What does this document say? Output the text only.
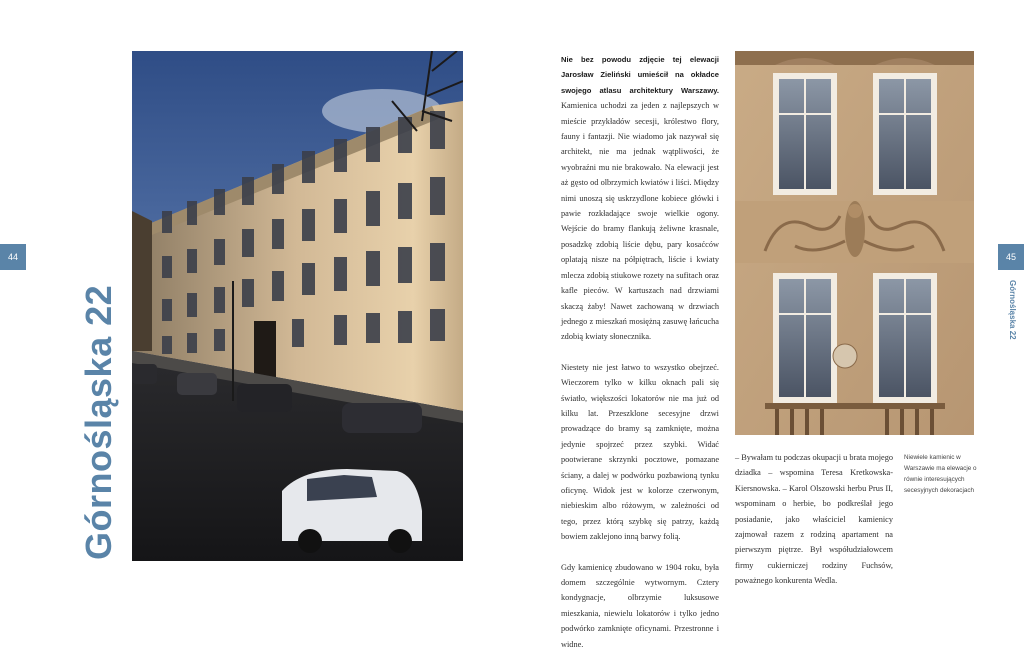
44	45
Górnośląska 22	Górnośląska 22

Nie bez powodu zdjęcie tej elewacji Jarosław Zieliński umieścił na okładce swojego atlasu architektury Warszawy. Kamienica uchodzi za jeden z najlepszych w mieście przykładów secesji, królestwo flory, fauny i fantazji. Nie wiadomo jak nazywał się architekt, nie ma jednak wątpliwości, że wyobraźni mu nie brakowało. Na elewacji jest aż gęsto od olbrzymich kwiatów i liści. Między nimi unoszą się uskrzydlone kobiece główki i pawie rozkładające swoje wielkie ogony. Wejście do bramy flankują żeliwne krasnale, posadzkę zdobią liście dębu, pary kosaćców oplatają nisze na półpiętrach, liście i kwiaty mlecza zdobią stiukowe rozety na sufitach oraz kafle pieców. W kartuszach nad drzwiami skaczą żaby! Nawet zachowaną w drzwiach jednego z mieszkań mosiężną zasuwę łańcucha zdobią kwiaty słonecznika.

Niestety nie jest łatwo to wszystko obejrzeć. Wieczorem tylko w kilku oknach pali się światło, większości lokatorów nie ma już od kilku lat. Przeszklone secesyjne drzwi prowadzące do bramy są zamknięte, można jedynie spojrzeć przez szybki. Widać pootwierane skrzynki pocztowe, pomazane ściany, a dalej w podwórku pozbawioną tynku oficynę. Widok jest w kolorze czerwonym, niebieskim albo różowym, w zależności od tego, przez którą szybkę się patrzy, każdą bowiem zaklejono inną barwy folią.

Gdy kamienicę zbudowano w 1904 roku, była domem szczególnie wytwornym. Cztery kondygnacje, olbrzymie luksusowe mieszkania, niewielu lokatorów i tylko jedno podwórko zamknięte oficynami. Przestronne i widne.

– Bywałam tu podczas okupacji u brata mojego dziadka – wspomina Teresa Kretkowska-Kiersnowska. – Karol Olszowski herbu Prus II, wspominam o herbie, bo podkreślał jego posiadanie, jako właściciel kamienicy zajmował razem z rodziną apartament na pierwszym piętrze. Był współudziałowcem firmy cukierniczej rodziny Fuchsów, poważnego konkurenta Wedla.

Niewiele kamienic w Warszawie ma elewacje o równie interesujących secesyjnych dekoracjach
